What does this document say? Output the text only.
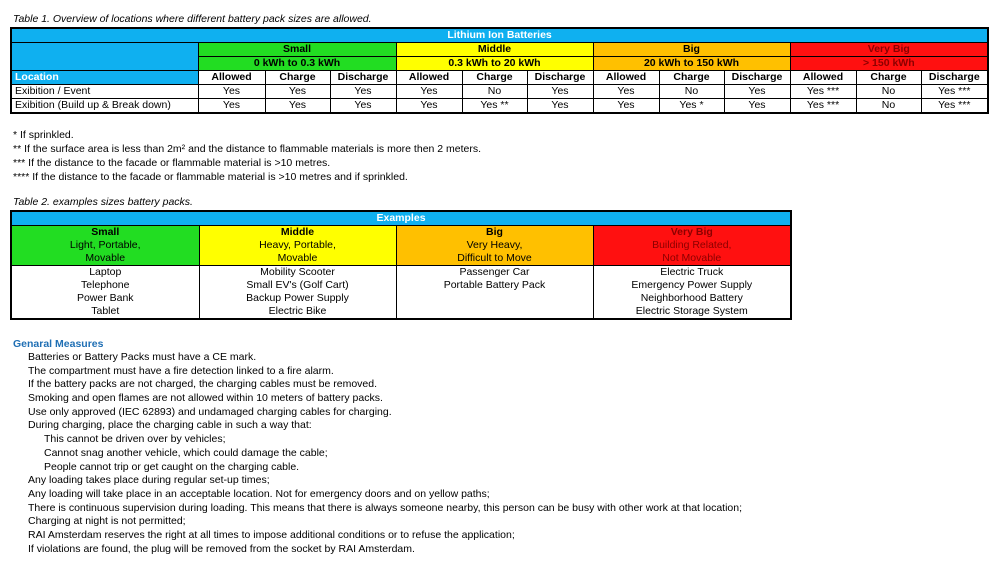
Table 1. Overview of locations where different battery pack sizes are allowed.
Lithium Ion Batteries												
	Small			Middle			Big			Very Big		
	0 kWh to 0.3 kWh			0.3 kWh to 20 kWh			20 kWh to 150 kWh			> 150 kWh		
Location	Allowed	Charge	Discharge	Allowed	Charge	Discharge	Allowed	Charge	Discharge	Allowed	Charge	Discharge
Exibition / Event	Yes	Yes	Yes	Yes	No	Yes	Yes	No	Yes	Yes ***	No	Yes ***
Exibition (Build up & Break down)	Yes	Yes	Yes	Yes	Yes **	Yes	Yes	Yes *	Yes	Yes ***	No	Yes ***
* If sprinkled.
** If the surface area is less than 2m² and the distance to flammable materials is more then 2 meters.
*** If the distance to the facade or flammable material is >10 metres.
**** If the distance to the facade or flammable material is >10 metres and if sprinkled.
Table 2. examples sizes battery packs.
Examples			
Small	Middle	Big	Very Big
Light, Portable,	Heavy, Portable,	Very Heavy,	Building Related,
Movable	Movable	Difficult to Move	Not Movable
Laptop	Mobility Scooter	Passenger Car	Electric Truck
Telephone	Small EV's (Golf Cart)	Portable Battery Pack	Emergency Power Supply
Power Bank	Backup Power Supply		Neighborhood Battery
Tablet	Electric Bike		Electric Storage System
Genaral Measures
Batteries or Battery Packs must have a CE mark.
The compartment must have a fire detection linked to a fire alarm.
If the battery packs are not charged, the charging cables must be removed.
Smoking and open flames are not allowed within 10 meters of battery packs.
Use only approved (IEC 62893) and undamaged charging cables for charging.
During charging, place the charging cable in such a way that:
This cannot be driven over by vehicles;
Cannot snag another vehicle, which could damage the cable;
People cannot trip or get caught on the charging cable.
Any loading takes place during regular set-up times;
Any loading will take place in an acceptable location. Not for emergency doors and on yellow paths;
There is continuous supervision during loading. This means that there is always someone nearby, this person can be busy with other work at that location;
Charging at night is not permitted;
RAI Amsterdam reserves the right at all times to impose additional conditions or to refuse the application;
If violations are found, the plug will be removed from the socket by RAI Amsterdam.
